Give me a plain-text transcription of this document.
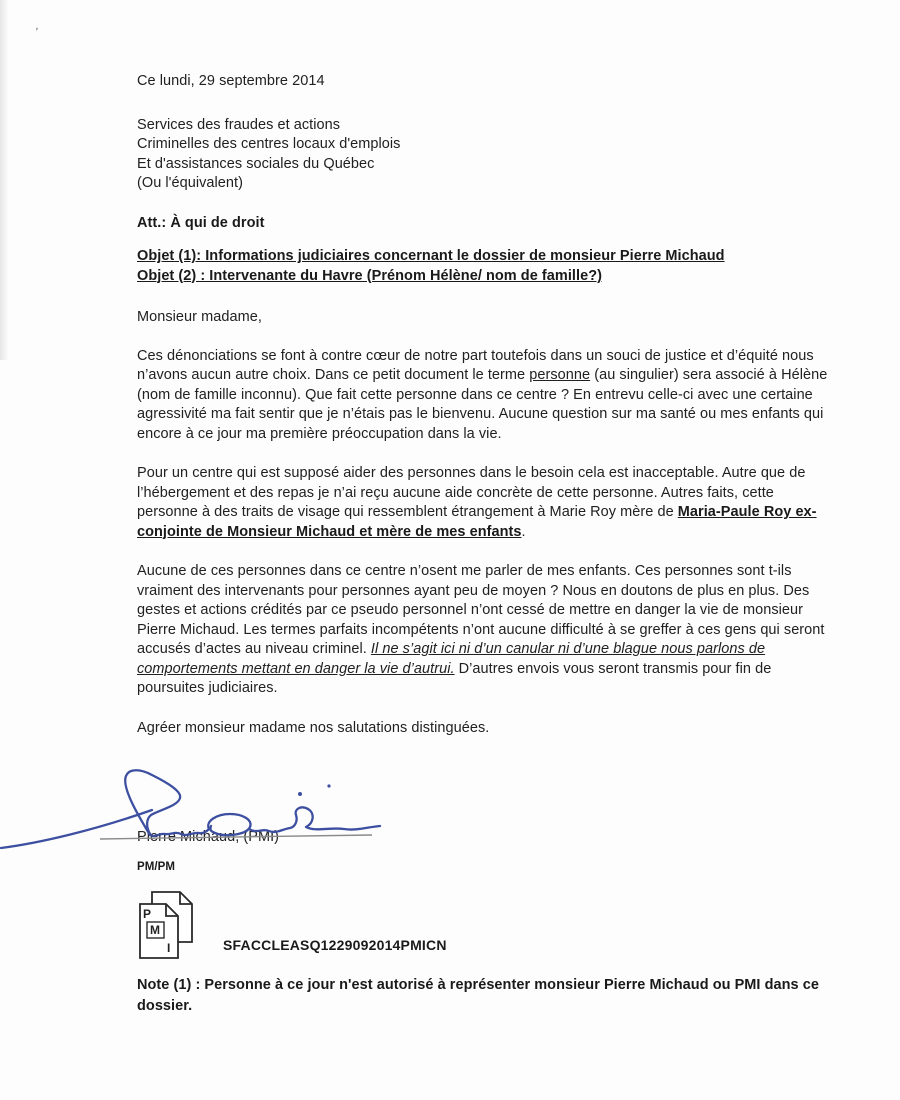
,
Ce lundi, 29 septembre 2014
Services des fraudes et actions
Criminelles des centres locaux d'emplois
Et d'assistances sociales du Québec
(Ou l'équivalent)
Att.: À qui de droit
Objet (1): Informations judiciaires concernant le dossier de monsieur Pierre Michaud
Objet (2) : Intervenante du Havre (Prénom Hélène/ nom de famille?)
Monsieur madame,

Ces dénonciations se font à contre cœur de notre part toutefois dans un souci de justice et d’équité nous n’avons aucun autre choix. Dans ce petit document le terme personne (au singulier) sera associé à Hélène (nom de famille inconnu). Que fait cette personne dans ce centre ? En entrevu celle-ci avec une certaine agressivité ma fait sentir que je n’étais pas le bienvenu. Aucune question sur ma santé ou mes enfants qui encore à ce jour ma première préoccupation dans la vie.

Pour un centre qui est supposé aider des personnes dans le besoin cela est inacceptable. Autre que de l’hébergement et des repas je n’ai reçu aucune aide concrète de cette personne. Autres faits, cette personne à des traits de visage qui ressemblent étrangement à Marie Roy mère de Maria-Paule Roy ex-conjointe de Monsieur Michaud et mère de mes enfants.

Aucune de ces personnes dans ce centre n’osent me parler de mes enfants. Ces personnes sont t-ils vraiment des intervenants pour personnes ayant peu de moyen ? Nous en doutons de plus en plus. Des gestes et actions crédités par ce pseudo personnel n’ont cessé de mettre en danger la vie de monsieur Pierre Michaud. Les termes parfaits incompétents n’ont aucune difficulté à se greffer à ces gens qui seront accusés d’actes au niveau criminel. Il ne s’agit ici ni d’un canular ni d’une blague nous parlons de comportements mettant en danger la vie d’autrui. D’autres envois vous seront transmis pour fin de poursuites judiciaires.

Agréer monsieur madame nos salutations distinguées.

Pierre Michaud, (PMI)
PM/PM
P
M
I	SFACCLEASQ1229092014PMICN

Note (1) : Personne à ce jour n'est autorisé à représenter monsieur Pierre Michaud ou PMI dans ce dossier.
